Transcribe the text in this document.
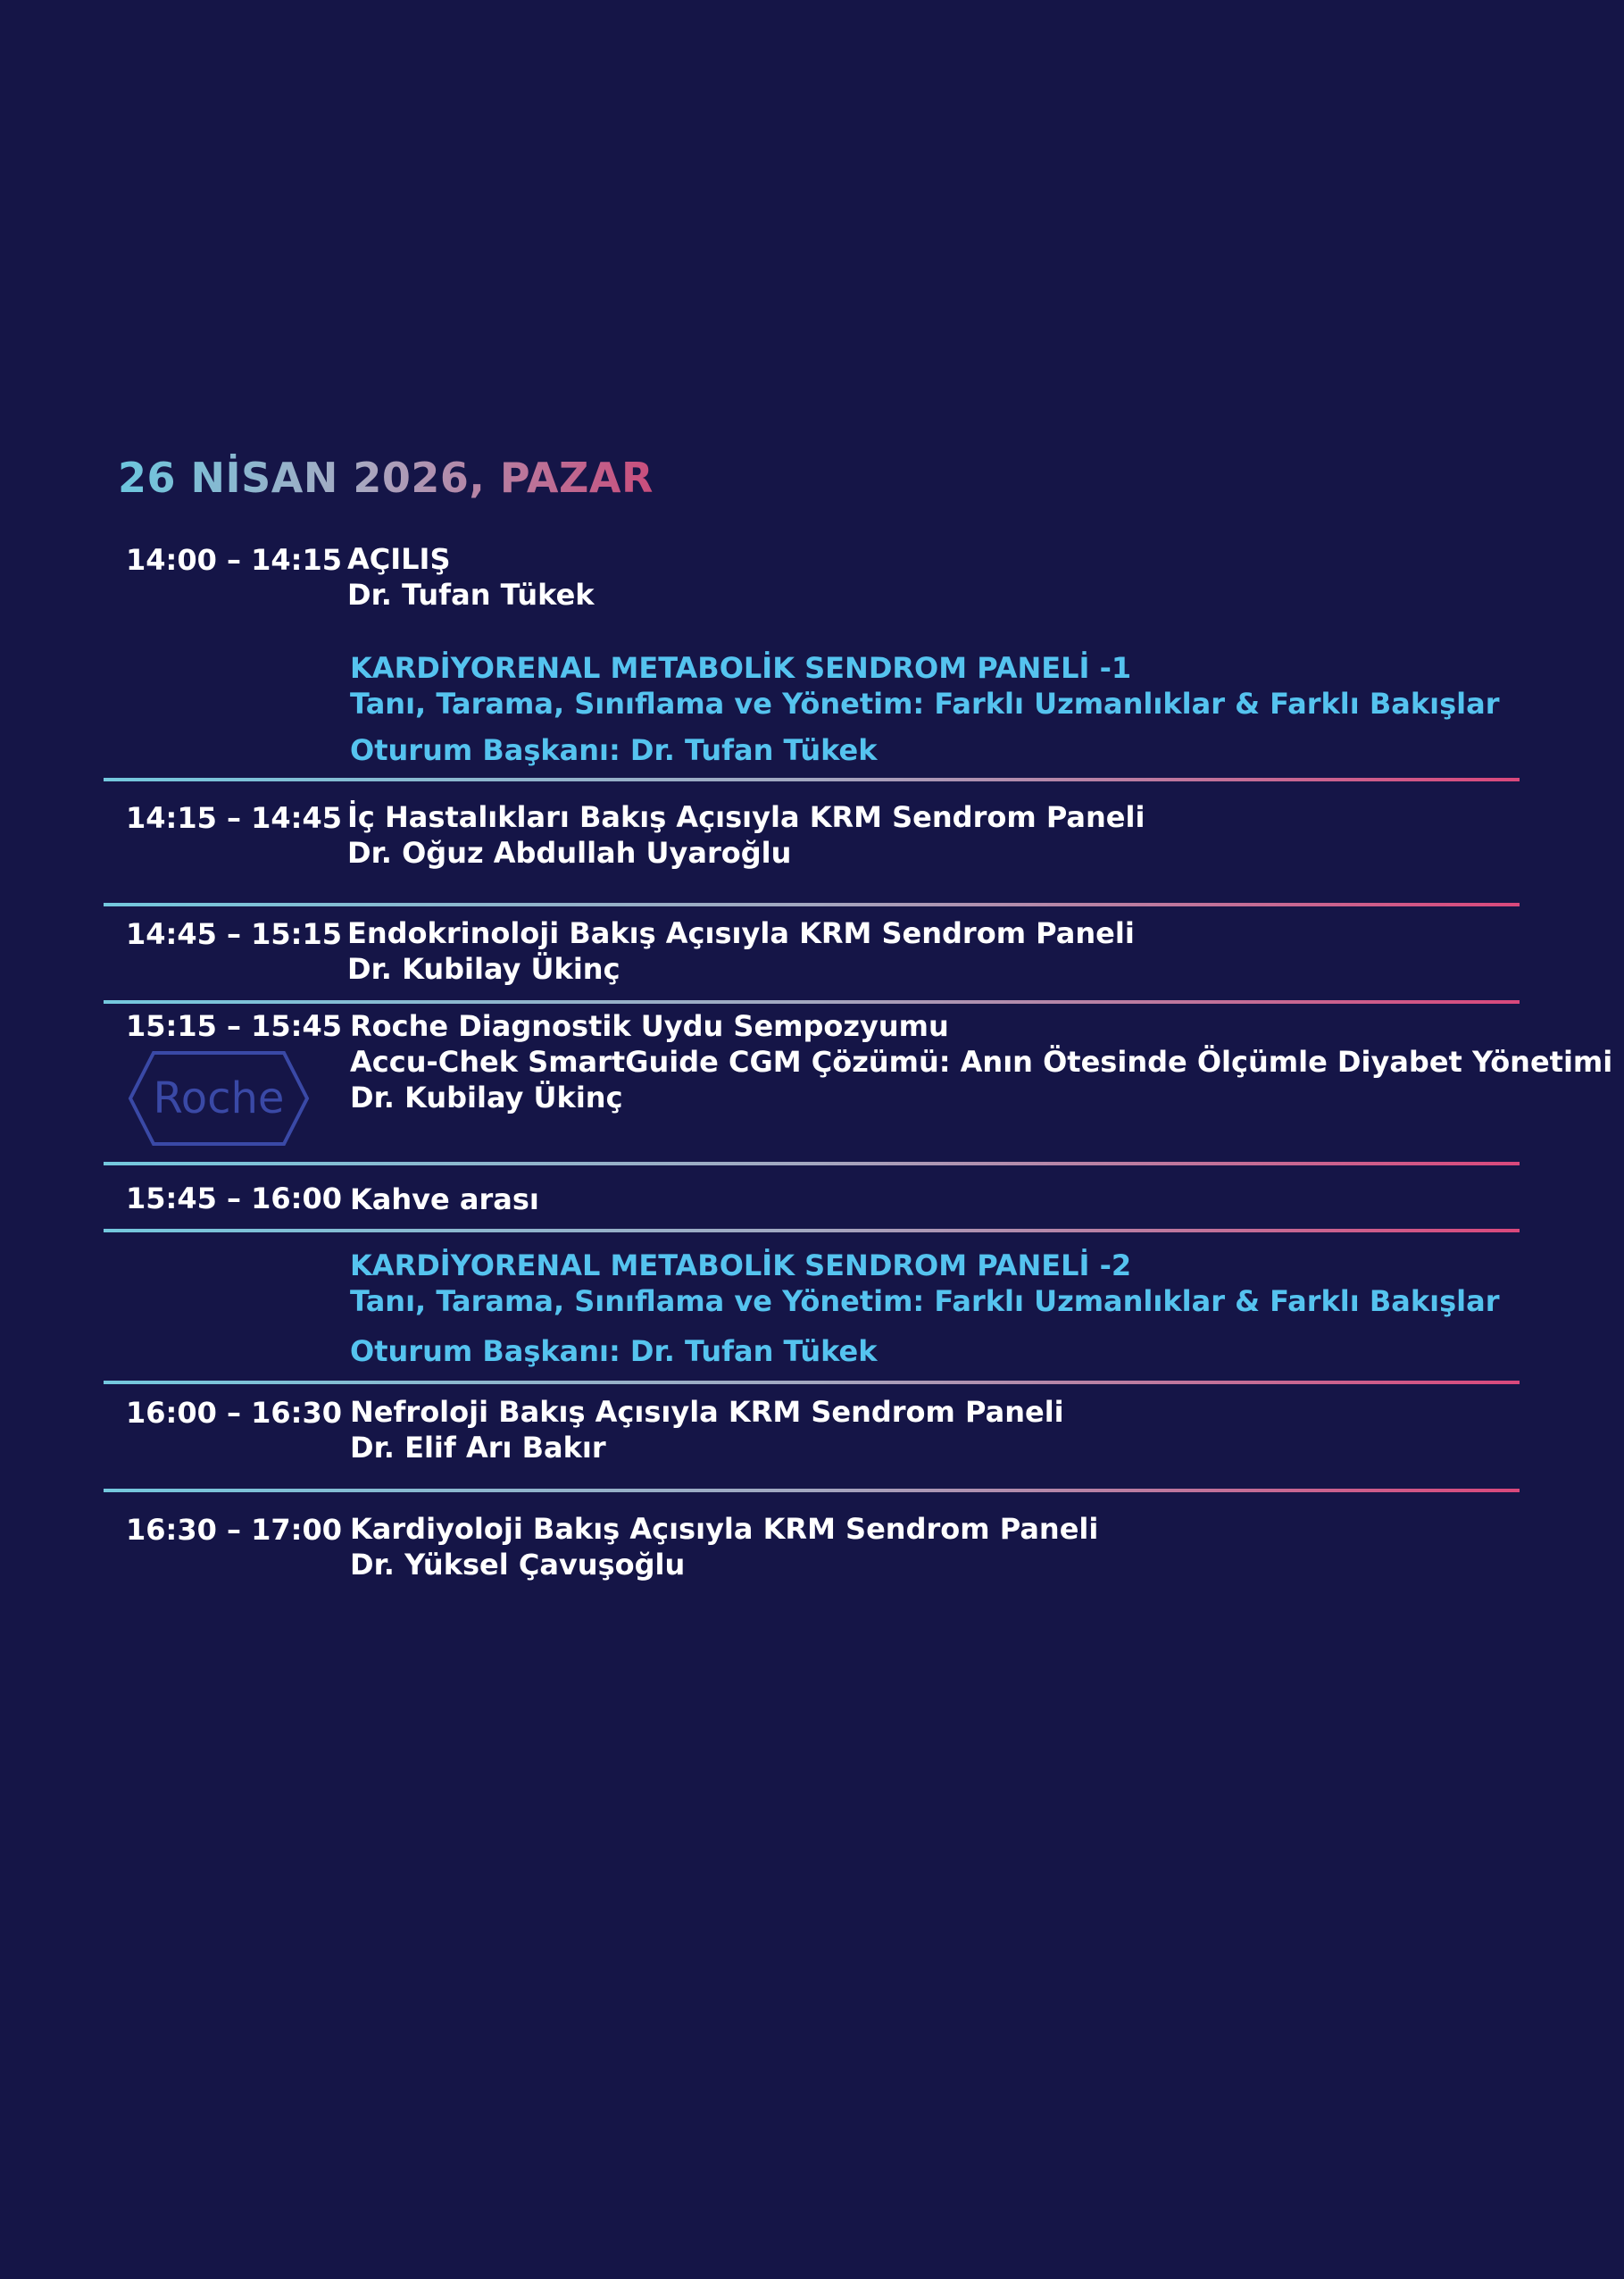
26 NİSAN 2026, PAZAR
14:00 – 14:15 AÇILIŞ
Dr. Tufan Tükek
KARDİYORENAL METABOLİK SENDROM PANELİ -1
Tanı, Tarama, Sınıflama ve Yönetim: Farklı Uzmanlıklar & Farklı Bakışlar
Oturum Başkanı: Dr. Tufan Tükek
14:15 – 14:45 İç Hastalıkları Bakış Açısıyla KRM Sendrom Paneli
Dr. Oğuz Abdullah Uyaroğlu
14:45 – 15:15 Endokrinoloji Bakış Açısıyla KRM Sendrom Paneli
Dr. Kubilay Ükinç
15:15 – 15:45 Roche Diagnostik Uydu Sempozyumu
Accu-Chek SmartGuide CGM Çözümü: Anın Ötesinde Ölçümle Diyabet Yönetimi
Dr. Kubilay Ükinç
Roche
15:45 – 16:00 Kahve arası
KARDİYORENAL METABOLİK SENDROM PANELİ -2
Tanı, Tarama, Sınıflama ve Yönetim: Farklı Uzmanlıklar & Farklı Bakışlar
Oturum Başkanı: Dr. Tufan Tükek
16:00 – 16:30 Nefroloji Bakış Açısıyla KRM Sendrom Paneli
Dr. Elif Arı Bakır
16:30 – 17:00 Kardiyoloji Bakış Açısıyla KRM Sendrom Paneli
Dr. Yüksel Çavuşoğlu
